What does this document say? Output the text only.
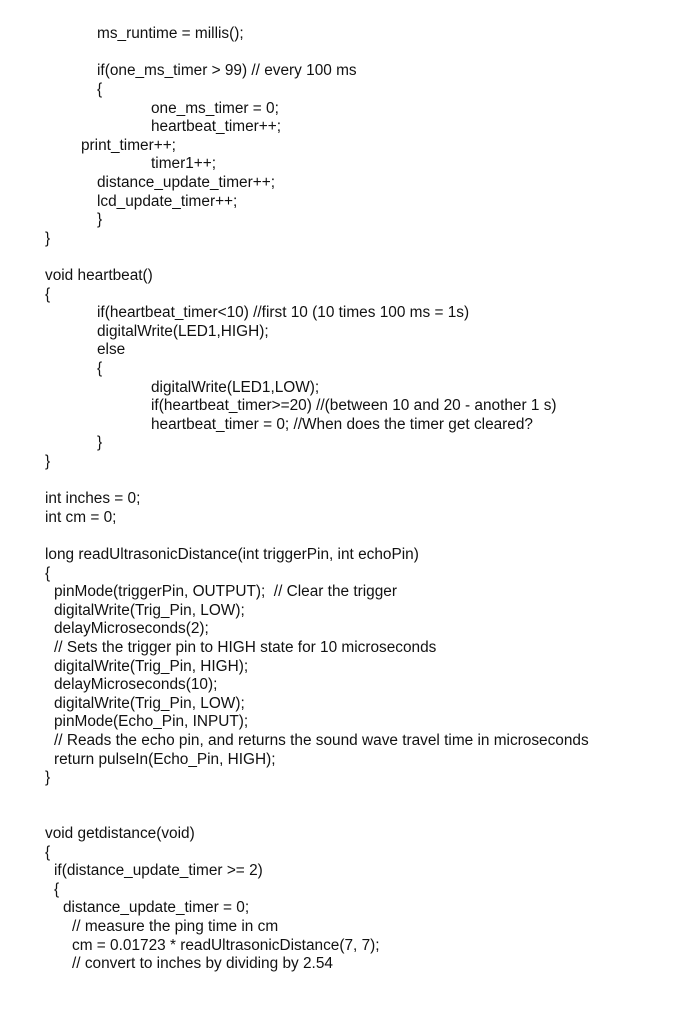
ms_runtime = millis();
if(one_ms_timer > 99) // every 100 ms
{
one_ms_timer = 0;
heartbeat_timer++;
print_timer++;
timer1++;
distance_update_timer++;
lcd_update_timer++;
}
}
void heartbeat()
{
if(heartbeat_timer<10) //first 10 (10 times 100 ms = 1s)
digitalWrite(LED1,HIGH);
else
{
digitalWrite(LED1,LOW);
if(heartbeat_timer>=20) //(between 10 and 20 - another 1 s)
heartbeat_timer = 0; //When does the timer get cleared?
}
}
int inches = 0;
int cm = 0;
long readUltrasonicDistance(int triggerPin, int echoPin)
{
pinMode(triggerPin, OUTPUT);  // Clear the trigger
digitalWrite(Trig_Pin, LOW);
delayMicroseconds(2);
// Sets the trigger pin to HIGH state for 10 microseconds
digitalWrite(Trig_Pin, HIGH);
delayMicroseconds(10);
digitalWrite(Trig_Pin, LOW);
pinMode(Echo_Pin, INPUT);
// Reads the echo pin, and returns the sound wave travel time in microseconds
return pulseIn(Echo_Pin, HIGH);
}
void getdistance(void)
{
if(distance_update_timer >= 2)
{
distance_update_timer = 0;
// measure the ping time in cm
cm = 0.01723 * readUltrasonicDistance(7, 7);
// convert to inches by dividing by 2.54
